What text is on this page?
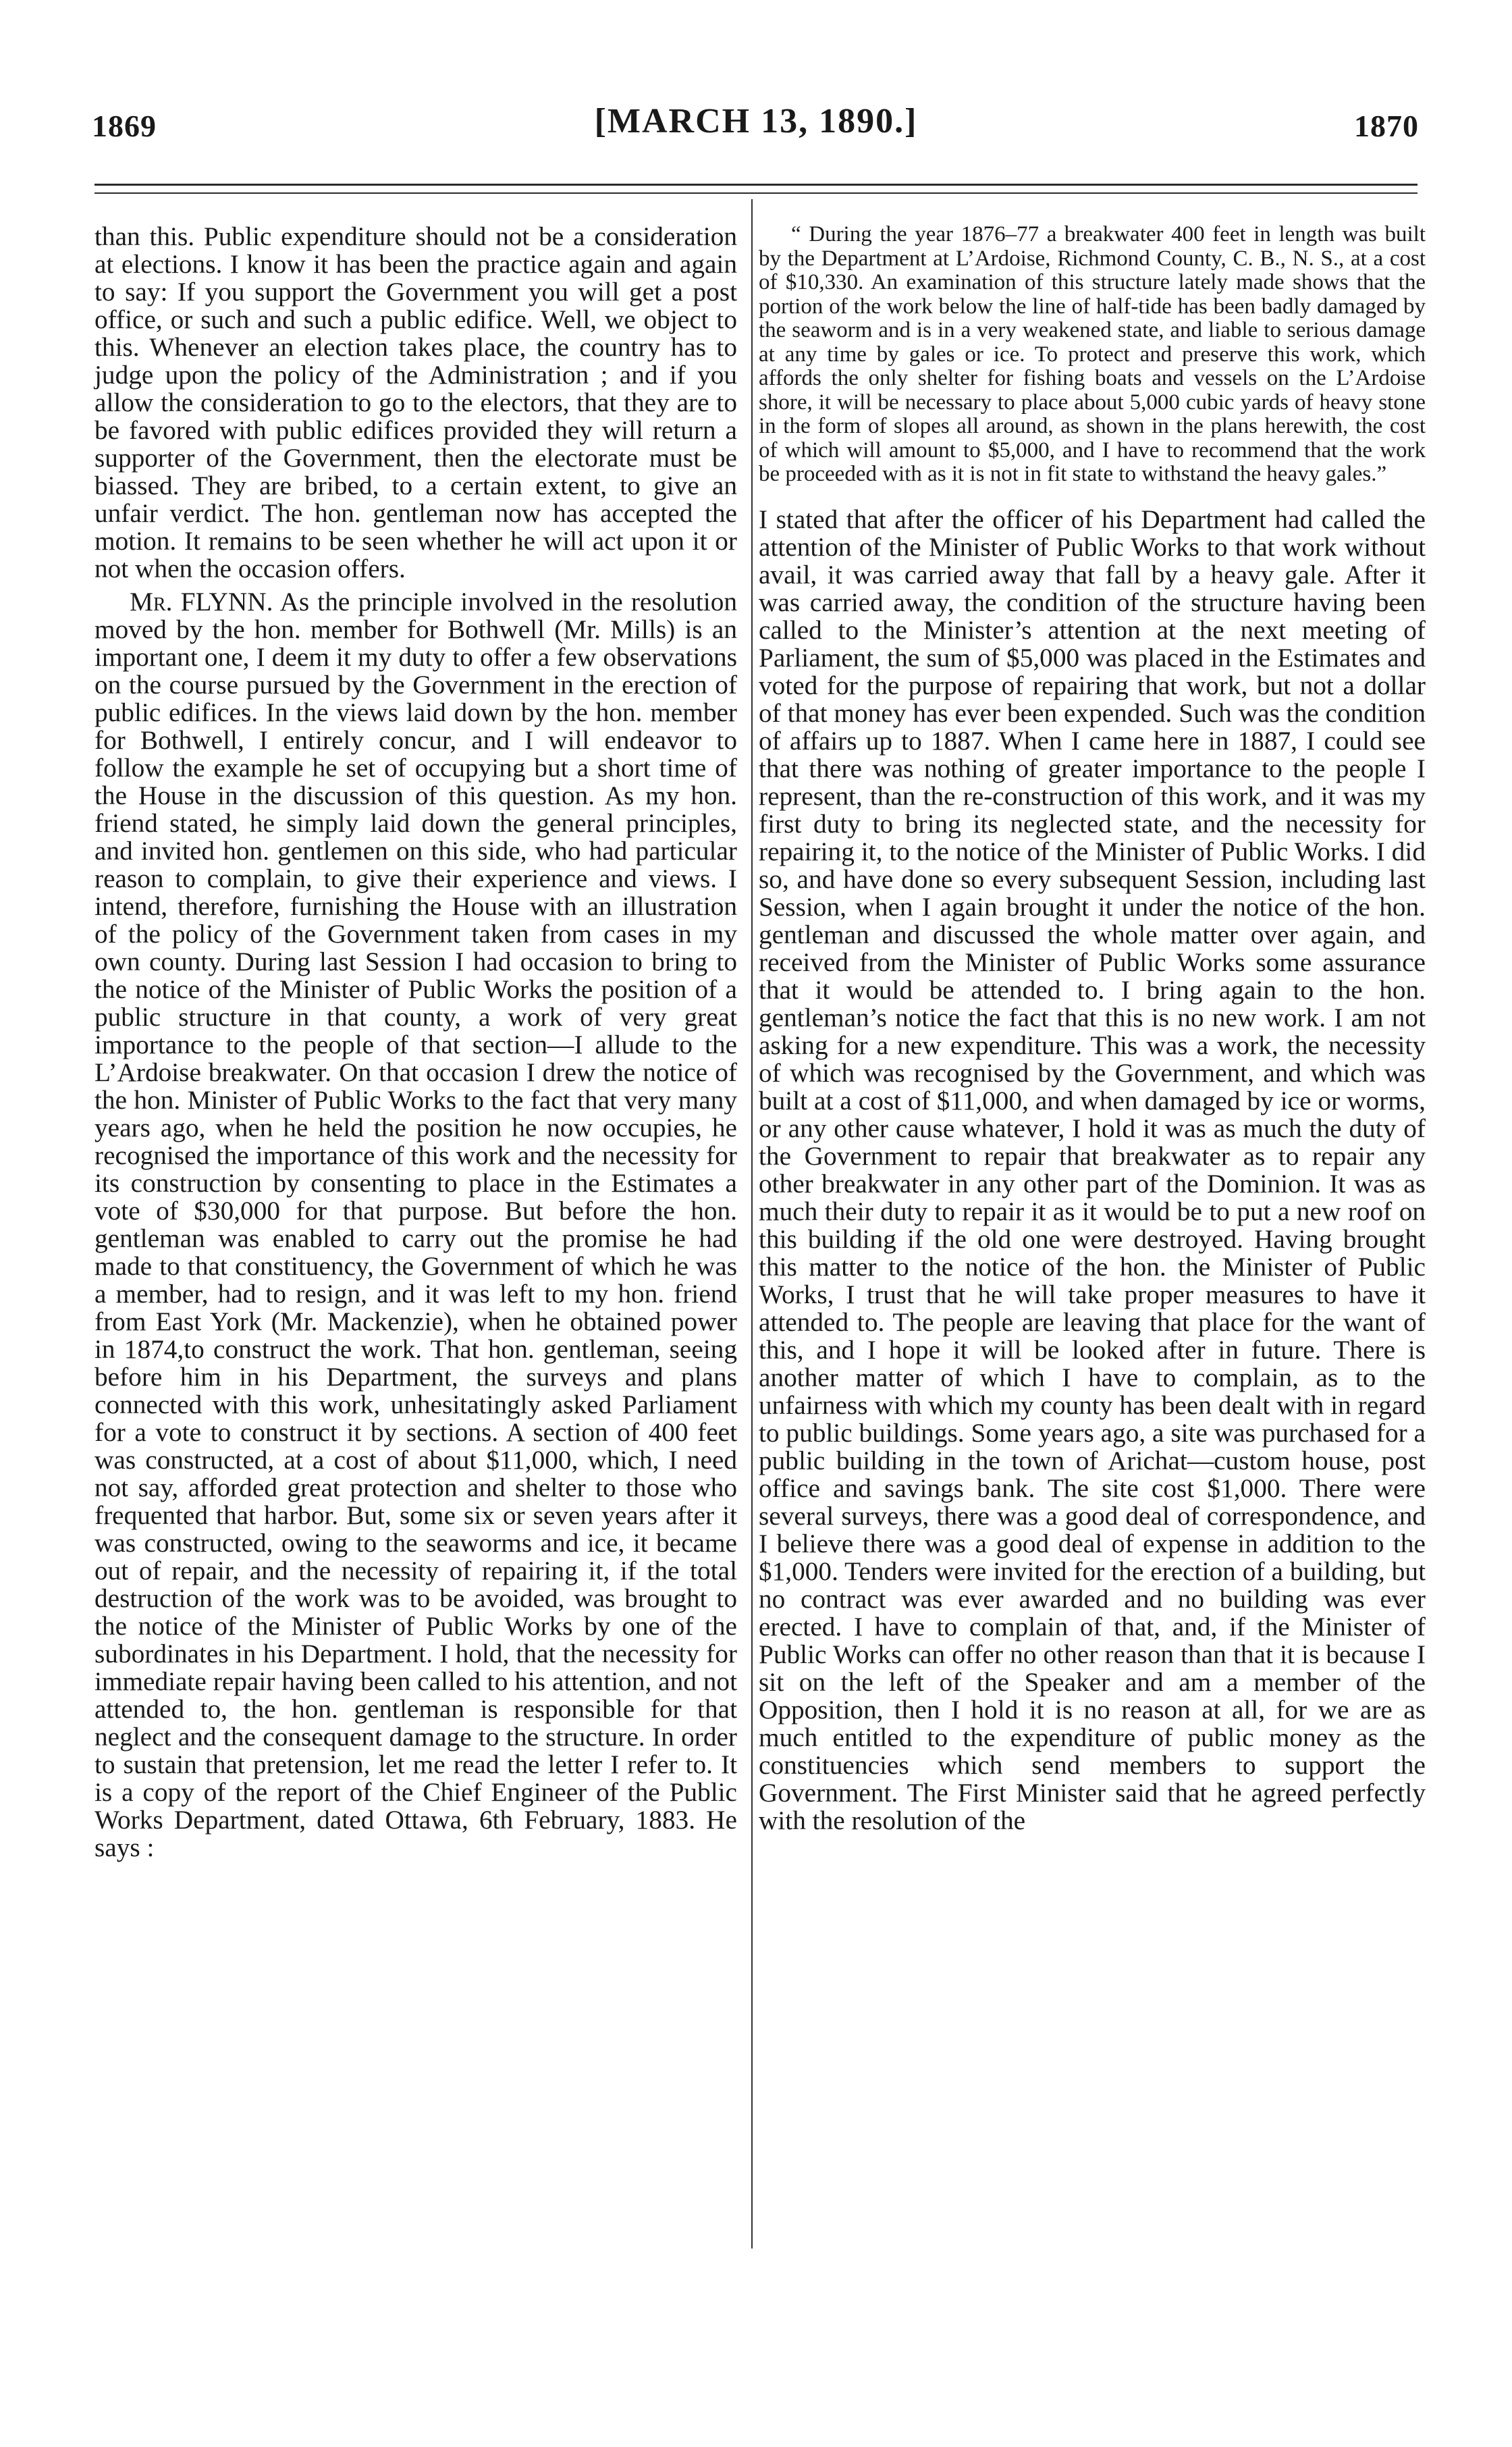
1869	[MARCH 13, 1890.]	1870

than this. Public expenditure should not be a consideration at elections. I know it has been the practice again and again to say: If you support the Government you will get a post office, or such and such a public edifice. Well, we object to this. Whenever an election takes place, the country has to judge upon the policy of the Administration ; and if you allow the consideration to go to the electors, that they are to be favored with public edifices provided they will return a supporter of the Government, then the electorate must be biassed. They are bribed, to a certain extent, to give an unfair verdict. The hon. gentleman now has accepted the motion. It remains to be seen whether he will act upon it or not when the occasion offers.

Mr. FLYNN. As the principle involved in the resolution moved by the hon. member for Bothwell (Mr. Mills) is an important one, I deem it my duty to offer a few observations on the course pursued by the Government in the erection of public edifices. In the views laid down by the hon. member for Bothwell, I entirely concur, and I will endeavor to follow the example he set of occupying but a short time of the House in the discussion of this question. As my hon. friend stated, he simply laid down the general principles, and invited hon. gentlemen on this side, who had particular reason to complain, to give their experience and views. I intend, therefore, furnishing the House with an illustration of the policy of the Government taken from cases in my own county. During last Session I had occasion to bring to the notice of the Minister of Public Works the position of a public structure in that county, a work of very great importance to the people of that section—I allude to the L’Ardoise breakwater. On that occasion I drew the notice of the hon. Minister of Public Works to the fact that very many years ago, when he held the position he now occupies, he recognised the importance of this work and the necessity for its construction by consenting to place in the Estimates a vote of $30,000 for that purpose. But before the hon. gentleman was enabled to carry out the promise he had made to that constituency, the Government of which he was a member, had to resign, and it was left to my hon. friend from East York (Mr. Mackenzie), when he obtained power in 1874,to construct the work. That hon. gentleman, seeing before him in his Department, the surveys and plans connected with this work, unhesitatingly asked Parliament for a vote to construct it by sections. A section of 400 feet was constructed, at a cost of about $11,000, which, I need not say, afforded great protection and shelter to those who frequented that harbor. But, some six or seven years after it was constructed, owing to the seaworms and ice, it became out of repair, and the necessity of repairing it, if the total destruction of the work was to be avoided, was brought to the notice of the Minister of Public Works by one of the subordinates in his Department. I hold, that the necessity for immediate repair having been called to his attention, and not attended to, the hon. gentleman is responsible for that neglect and the consequent damage to the structure. In order to sustain that pretension, let me read the letter I refer to. It is a copy of the report of the Chief Engineer of the Public Works Department, dated Ottawa, 6th February, 1883. He says :

“ During the year 1876–77 a breakwater 400 feet in length was built by the Department at L’Ardoise, Richmond County, C. B., N. S., at a cost of $10,330. An examination of this structure lately made shows that the portion of the work below the line of half-tide has been badly damaged by the seaworm and is in a very weakened state, and liable to serious damage at any time by gales or ice. To protect and preserve this work, which affords the only shelter for fishing boats and vessels on the L’Ardoise shore, it will be necessary to place about 5,000 cubic yards of heavy stone in the form of slopes all around, as shown in the plans herewith, the cost of which will amount to $5,000, and I have to recommend that the work be proceeded with as it is not in fit state to withstand the heavy gales.”

I stated that after the officer of his Department had called the attention of the Minister of Public Works to that work without avail, it was carried away that fall by a heavy gale. After it was carried away, the condition of the structure having been called to the Minister’s attention at the next meeting of Parliament, the sum of $5,000 was placed in the Estimates and voted for the purpose of repairing that work, but not a dollar of that money has ever been expended. Such was the condition of affairs up to 1887. When I came here in 1887, I could see that there was nothing of greater importance to the people I represent, than the re-construction of this work, and it was my first duty to bring its neglected state, and the necessity for repairing it, to the notice of the Minister of Public Works. I did so, and have done so every subsequent Session, including last Session, when I again brought it under the notice of the hon. gentleman and discussed the whole matter over again, and received from the Minister of Public Works some assurance that it would be attended to. I bring again to the hon. gentleman’s notice the fact that this is no new work. I am not asking for a new expenditure. This was a work, the necessity of which was recognised by the Government, and which was built at a cost of $11,000, and when damaged by ice or worms, or any other cause whatever, I hold it was as much the duty of the Government to repair that breakwater as to repair any other breakwater in any other part of the Dominion. It was as much their duty to repair it as it would be to put a new roof on this building if the old one were destroyed. Having brought this matter to the notice of the hon. the Minister of Public Works, I trust that he will take proper measures to have it attended to. The people are leaving that place for the want of this, and I hope it will be looked after in future. There is another matter of which I have to complain, as to the unfairness with which my county has been dealt with in regard to public buildings. Some years ago, a site was purchased for a public building in the town of Arichat—custom house, post office and savings bank. The site cost $1,000. There were several surveys, there was a good deal of correspondence, and I believe there was a good deal of expense in addition to the $1,000. Tenders were invited for the erection of a building, but no contract was ever awarded and no building was ever erected. I have to complain of that, and, if the Minister of Public Works can offer no other reason than that it is because I sit on the left of the Speaker and am a member of the Opposition, then I hold it is no reason at all, for we are as much entitled to the expenditure of public money as the constituencies which send members to support the Government. The First Minister said that he agreed perfectly with the resolution of the
